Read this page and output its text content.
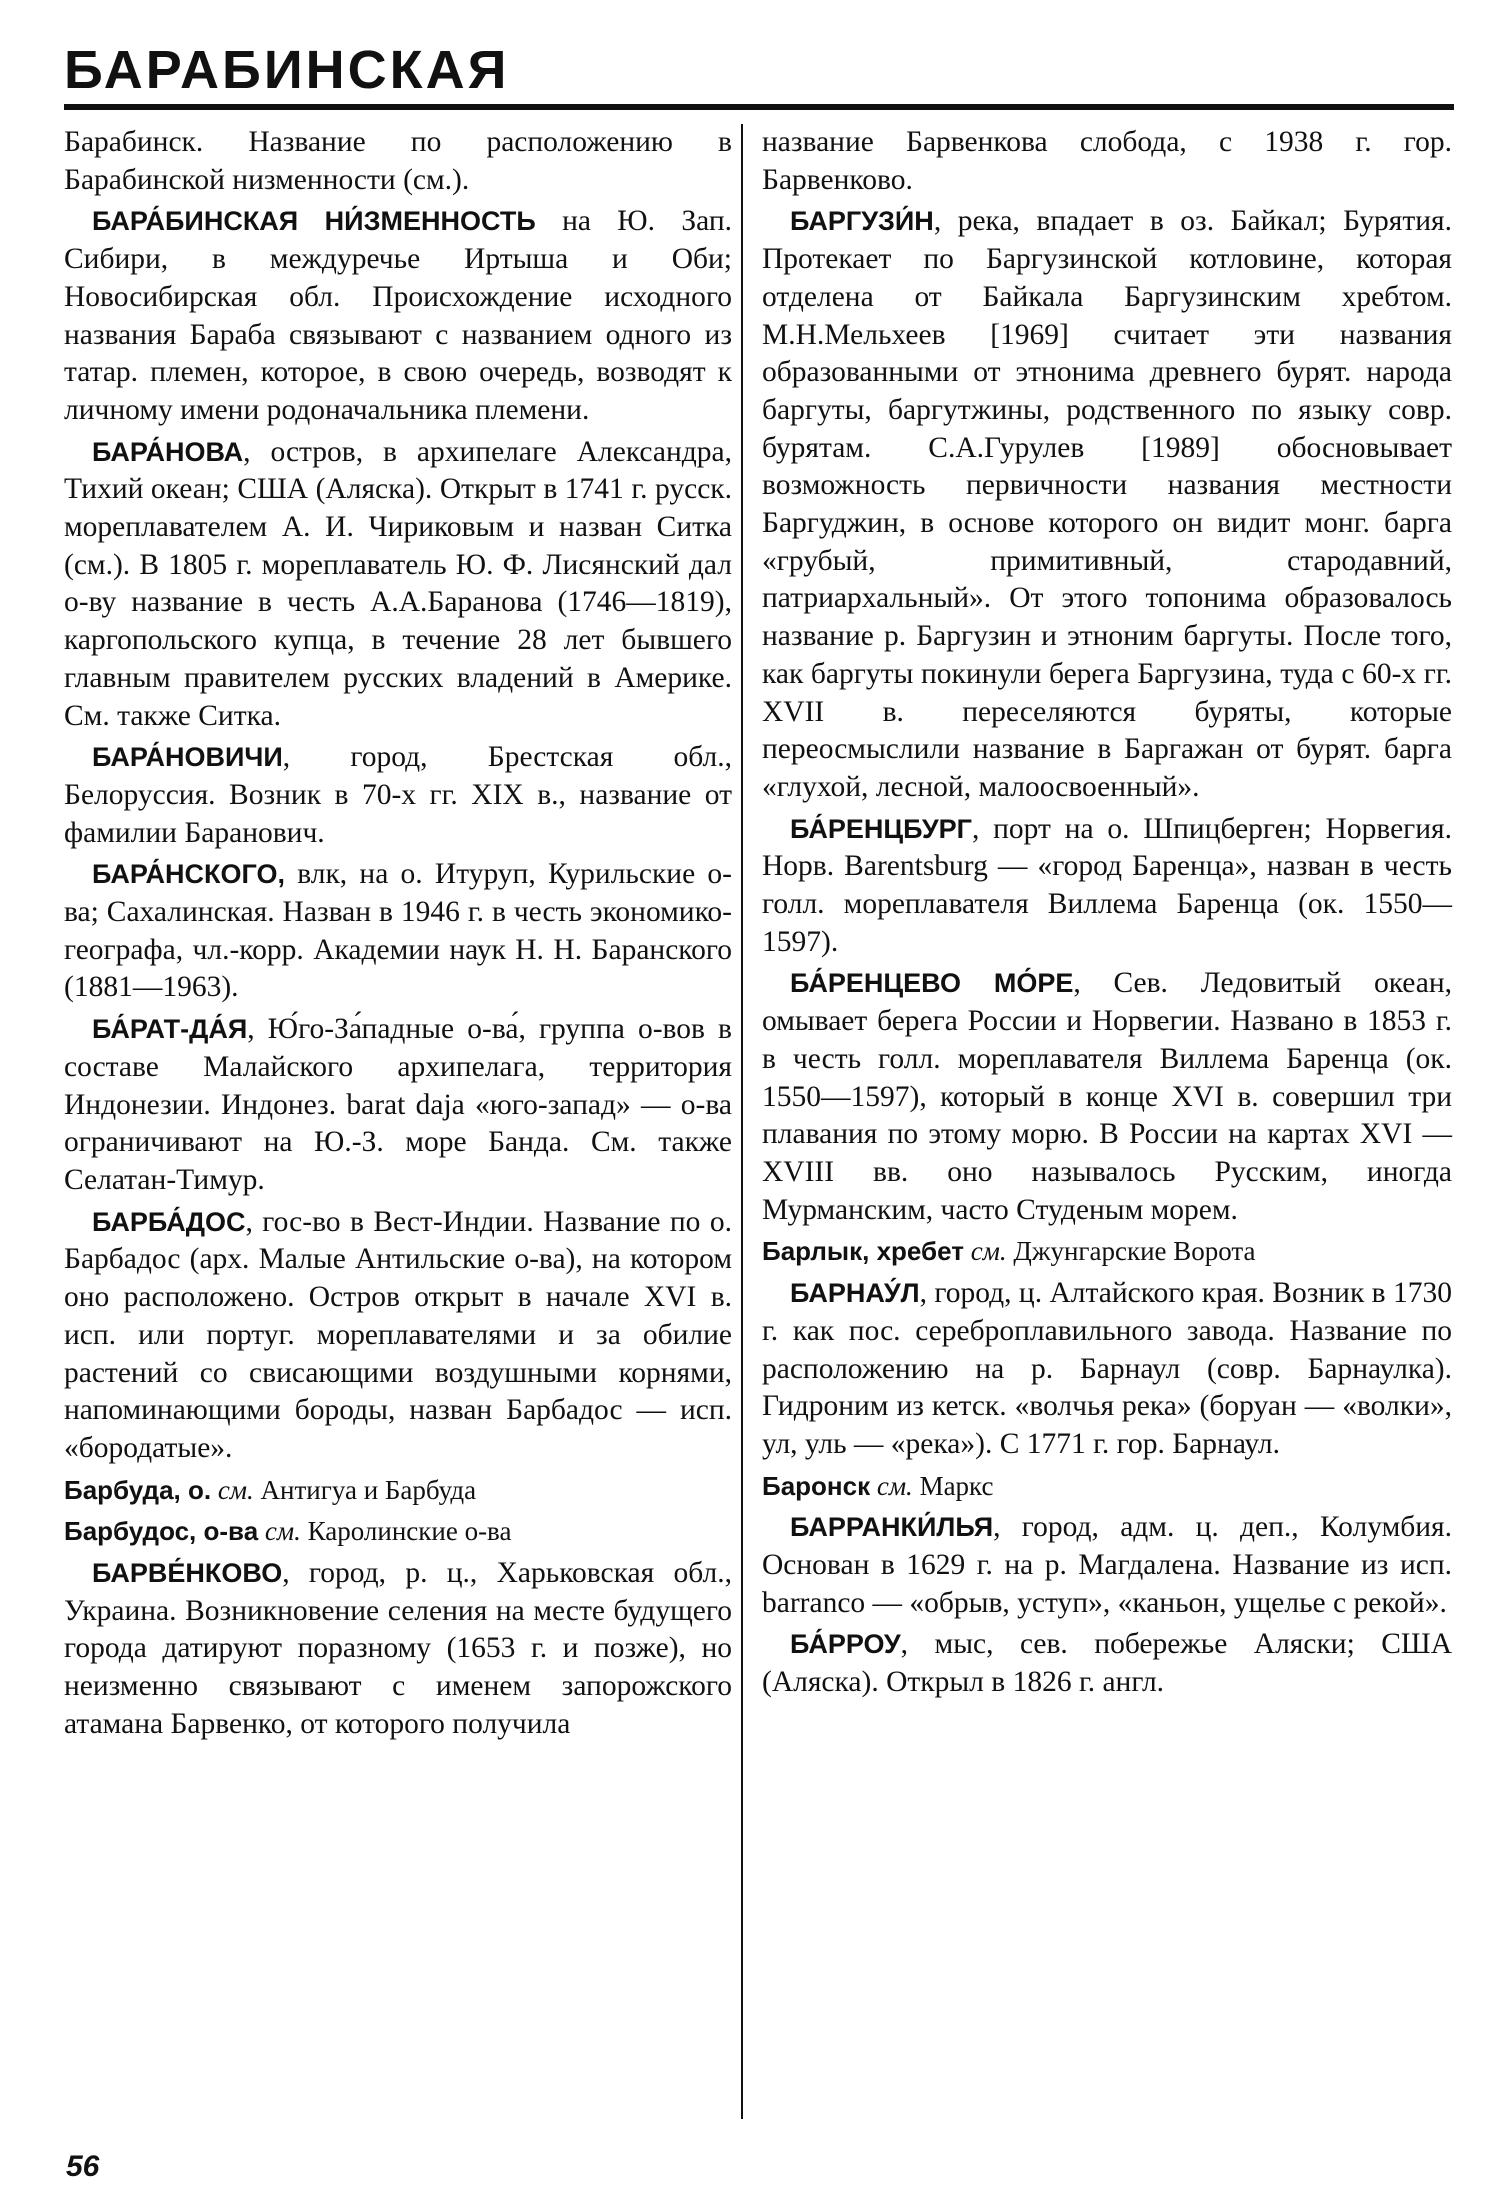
БАРАБИНСКАЯ

Барабинск. Название по расположению в Барабинской низменности (см.).

БАРА́БИНСКАЯ НИ́ЗМЕННОСТЬ на Ю. Зап. Сибири, в междуречье Иртыша и Оби; Новосибирская обл. Происхождение исходного названия Бараба связывают с названием одного из татар. племен, которое, в свою очередь, возводят к личному имени родоначальника племени.

БАРА́НОВА, остров, в архипелаге Александра, Тихий океан; США (Аляска). Открыт в 1741 г. русск. мореплавателем А. И. Чириковым и назван Ситка (см.). В 1805 г. мореплаватель Ю. Ф. Лисянский дал о-ву название в честь А.А.Баранова (1746—1819), каргопольского купца, в течение 28 лет бывшего главным правителем русских владений в Америке. См. также Ситка.

БАРА́НОВИЧИ, город, Брестская обл., Белоруссия. Возник в 70-х гг. XIX в., название от фамилии Баранович.

БАРА́НСКОГО, влк, на о. Итуруп, Курильские о-ва; Сахалинская. Назван в 1946 г. в честь экономико-географа, чл.-корр. Академии наук Н. Н. Баранского (1881—1963).

БА́РАТ-ДА́Я, Ю́го-За́падные о-ва́, группа о-вов в составе Малайского архипелага, территория Индонезии. Индонез. barat daja «юго-запад» — о-ва ограничивают на Ю.-З. море Банда. См. также Селатан-Тимур.

БАРБА́ДОС, гос-во в Вест-Индии. Название по о. Барбадос (арх. Малые Антильские о-ва), на котором оно расположено. Остров открыт в начале XVI в. исп. или португ. мореплавателями и за обилие растений со свисающими воздушными корнями, напоминающими бороды, назван Барбадос — исп. «бородатые».

Барбуда, о. см. Антигуа и Барбуда

Барбудос, о-ва см. Каролинские о-ва

БАРВЕ́НКОВО, город, р. ц., Харьковская обл., Украина. Возникновение селения на месте будущего города датируют поразному (1653 г. и позже), но неизменно связывают с именем запорожского атамана Барвенко, от которого получила

название Барвенкова слобода, с 1938 г. гор. Барвенково.

БАРГУЗИ́Н, река, впадает в оз. Байкал; Бурятия. Протекает по Баргузинской котловине, которая отделена от Байкала Баргузинским хребтом. М.Н.Мельхеев [1969] считает эти названия образованными от этнонима древнего бурят. народа баргуты, баргутжины, родственного по языку совр. бурятам. С.А.Гурулев [1989] обосновывает возможность первичности названия местности Баргуджин, в основе которого он видит монг. барга «грубый, примитивный, стародавний, патриархальный». От этого топонима образовалось название р. Баргузин и этноним баргуты. После того, как баргуты покинули берега Баргузина, туда с 60-х гг. XVII в. переселяются буряты, которые переосмыслили название в Баргажан от бурят. барга «глухой, лесной, малоосвоенный».

БА́РЕНЦБУРГ, порт на о. Шпицберген; Норвегия. Норв. Barentsburg — «город Баренца», назван в честь голл. мореплавателя Виллема Баренца (ок. 1550—1597).

БА́РЕНЦЕВО МО́РЕ, Сев. Ледовитый океан, омывает берега России и Норвегии. Названо в 1853 г. в честь голл. мореплавателя Виллема Баренца (ок. 1550—1597), который в конце XVI в. совершил три плавания по этому морю. В России на картах XVI — XVIII вв. оно называлось Русским, иногда Мурманским, часто Студеным морем.

Барлык, хребет см. Джунгарские Ворота

БАРНАУ́Л, город, ц. Алтайского края. Возник в 1730 г. как пос. сереброплавильного завода. Название по расположению на р. Барнаул (совр. Барнаулка). Гидроним из кетск. «волчья река» (боруан — «волки», ул, уль — «река»). С 1771 г. гор. Барнаул.

Баронск см. Маркс

БАРРАНКИ́ЛЬЯ, город, адм. ц. деп., Колумбия. Основан в 1629 г. на р. Магдалена. Название из исп. barranco — «обрыв, уступ», «каньон, ущелье с рекой».

БА́РРОУ, мыс, сев. побережье Аляски; США (Аляска). Открыл в 1826 г. англ.

56
